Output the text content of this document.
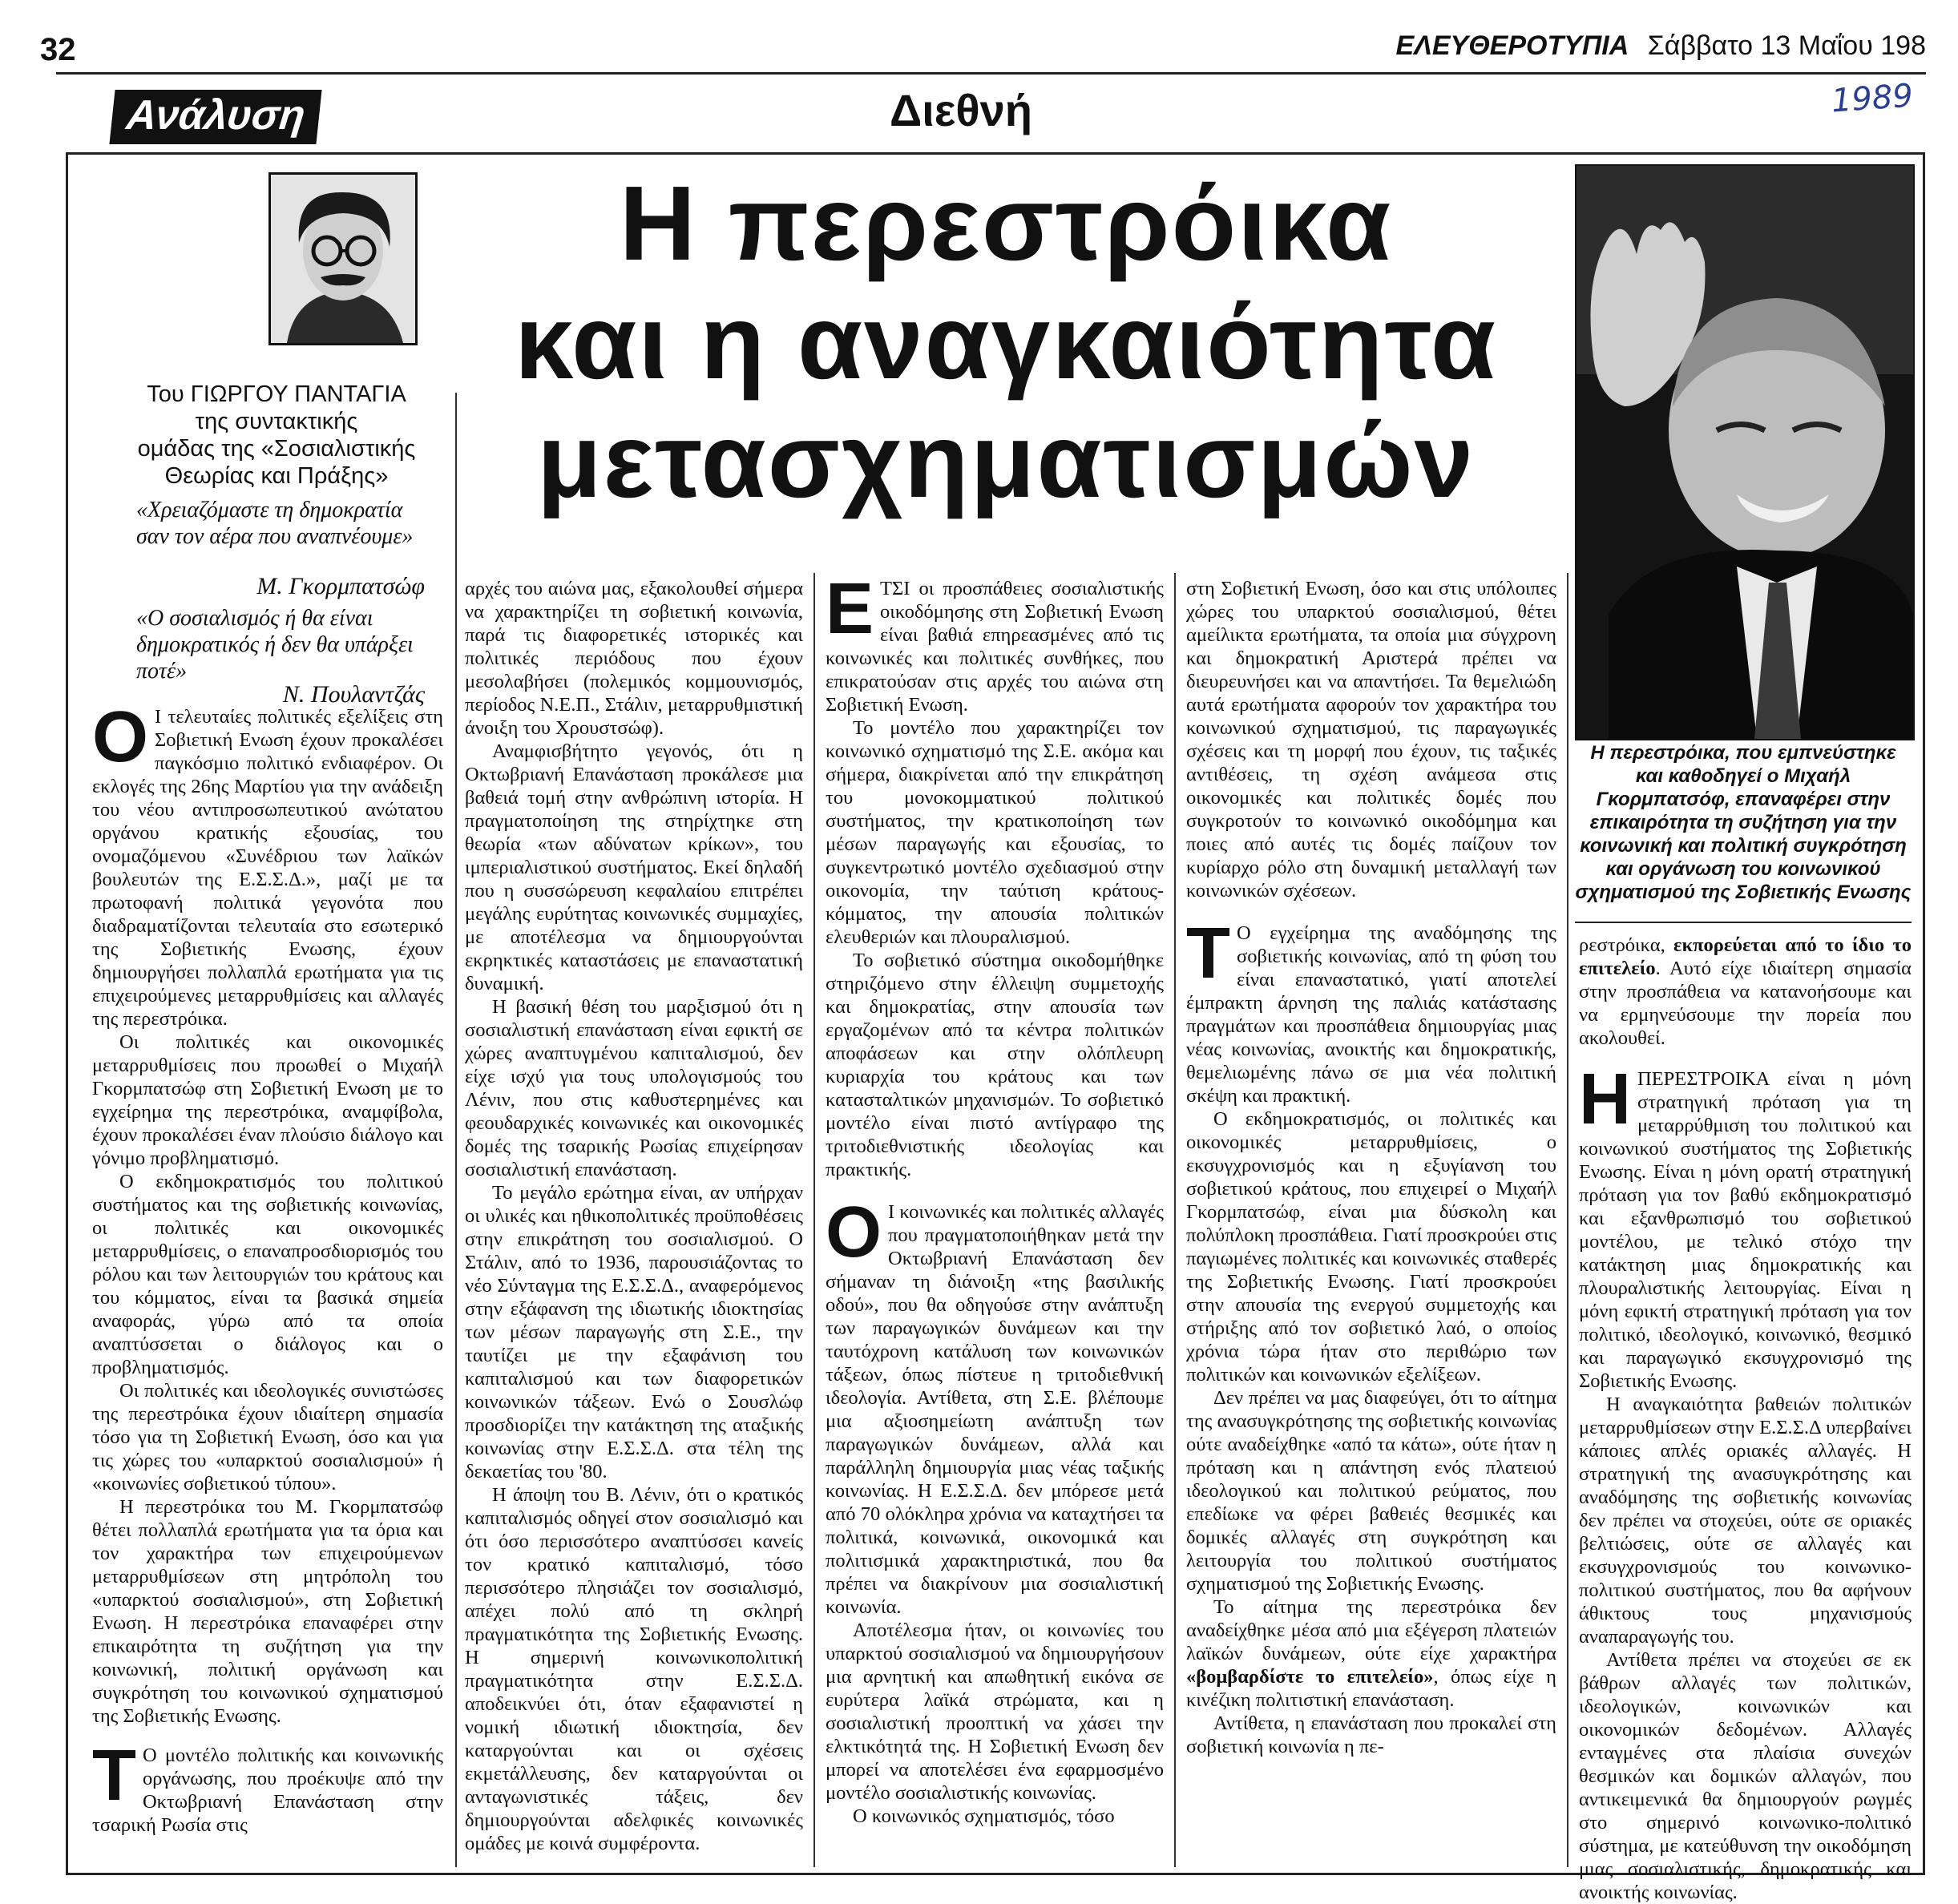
32	ΕΛΕΥΘΕΡΟΤΥΠΙΑ Σάββατο 13 Μαΐου 198
1989
Ανάλυση	Διεθνή
Του ΓΙΩΡΓΟΥ ΠΑΝΤΑΓΙΑ
της συντακτικής
ομάδας της «Σοσιαλιστικής
Θεωρίας και Πράξης»
«Χρειαζόμαστε τη δημοκρατία σαν τον αέρα που αναπνέουμε»
Μ. Γκορμπατσώφ
«Ο σοσιαλισμός ή θα είναι δημοκρατικός ή δεν θα υπάρξει ποτέ»
Ν. Πουλαντζάς
Η περεστρόικα
και η αναγκαιότητα
μετασχηματισμών

Ο Ι τελευταίες πολιτικές εξελίξεις στη Σοβιετική Ενωση έχουν προκαλέσει παγκόσμιο πολιτικό ενδιαφέρον. Οι εκλογές της 26ης Μαρτίου για την ανάδειξη του νέου αντιπροσωπευτικού ανώτατου οργάνου κρατικής εξουσίας, του ονομαζόμενου «Συνέδριου των λαϊκών βουλευτών της Ε.Σ.Σ.Δ.», μαζί με τα πρωτοφανή πολιτικά γεγονότα που διαδραματίζονται τελευταία στο εσωτερικό της Σοβιετικής Ενωσης, έχουν δημιουργήσει πολλαπλά ερωτήματα για τις επιχειρούμενες μεταρρυθμίσεις και αλλαγές της περεστρόικα.

Οι πολιτικές και οικονομικές μεταρρυθμίσεις που προωθεί ο Μιχαήλ Γκορμπατσώφ στη Σοβιετική Ενωση με το εγχείρημα της περεστρόικα, αναμφίβολα, έχουν προκαλέσει έναν πλούσιο διάλογο και γόνιμο προβληματισμό.

Ο εκδημοκρατισμός του πολιτικού συστήματος και της σοβιετικής κοινωνίας, οι πολιτικές και οικονομικές μεταρρυθμίσεις, ο επαναπροσδιορισμός του ρόλου και των λειτουργιών του κράτους και του κόμματος, είναι τα βασικά σημεία αναφοράς, γύρω από τα οποία αναπτύσσεται ο διάλογος και ο προβληματισμός.

Οι πολιτικές και ιδεολογικές συνιστώσες της περεστρόικα έχουν ιδιαίτερη σημασία τόσο για τη Σοβιετική Ενωση, όσο και για τις χώρες του «υπαρκτού σοσιαλισμού» ή «κοινωνίες σοβιετικού τύπου».

Η περεστρόικα του Μ. Γκορμπατσώφ θέτει πολλαπλά ερωτήματα για τα όρια και τον χαρακτήρα των επιχειρούμενων μεταρρυθμίσεων στη μητρόπολη του «υπαρκτού σοσιαλισμού», στη Σοβιετική Ενωση. Η περεστρόικα επαναφέρει στην επικαιρότητα τη συζήτηση για την κοινωνική, πολιτική οργάνωση και συγκρότηση του κοινωνικού σχηματισμού της Σοβιετικής Ενωσης.

Τ Ο μοντέλο πολιτικής και κοινωνικής οργάνωσης, που προέκυψε από την Οκτωβριανή Επανάσταση στην τσαρική Ρωσία στις

αρχές του αιώνα μας, εξακολουθεί σήμερα να χαρακτηρίζει τη σοβιετική κοινωνία, παρά τις διαφορετικές ιστορικές και πολιτικές περιόδους που έχουν μεσολαβήσει (πολεμικός κομμουνισμός, περίοδος Ν.Ε.Π., Στάλιν, μεταρρυθμιστική άνοιξη του Χρουστσώφ).

Αναμφισβήτητο γεγονός, ότι η Οκτωβριανή Επανάσταση προκάλεσε μια βαθειά τομή στην ανθρώπινη ιστορία. Η πραγματοποίηση της στηρίχτηκε στη θεωρία «των αδύνατων κρίκων», του ιμπεριαλιστικού συστήματος. Εκεί δηλαδή που η συσσώρευση κεφαλαίου επιτρέπει μεγάλης ευρύτητας κοινωνικές συμμαχίες, με αποτέλεσμα να δημιουργούνται εκρηκτικές καταστάσεις με επαναστατική δυναμική.

Η βασική θέση του μαρξισμού ότι η σοσιαλιστική επανάσταση είναι εφικτή σε χώρες αναπτυγμένου καπιταλισμού, δεν είχε ισχύ για τους υπολογισμούς του Λένιν, που στις καθυστερημένες και φεουδαρχικές κοινωνικές και οικονομικές δομές της τσαρικής Ρωσίας επιχείρησαν σοσιαλιστική επανάσταση.

Το μεγάλο ερώτημα είναι, αν υπήρχαν οι υλικές και ηθικοπολιτικές προϋποθέσεις στην επικράτηση του σοσιαλισμού. Ο Στάλιν, από το 1936, παρουσιάζοντας το νέο Σύνταγμα της Ε.Σ.Σ.Δ., αναφερόμενος στην εξάφανση της ιδιωτικής ιδιοκτησίας των μέσων παραγωγής στη Σ.Ε., την ταυτίζει με την εξαφάνιση του καπιταλισμού και των διαφορετικών κοινωνικών τάξεων. Ενώ ο Σουσλώφ προσδιορίζει την κατάκτηση της αταξικής κοινωνίας στην Ε.Σ.Σ.Δ. στα τέλη της δεκαετίας του '80.

Η άποψη του Β. Λένιν, ότι ο κρατικός καπιταλισμός οδηγεί στον σοσιαλισμό και ότι όσο περισσότερο αναπτύσσει κανείς τον κρατικό καπιταλισμό, τόσο περισσότερο πλησιάζει τον σοσιαλισμό, απέχει πολύ από τη σκληρή πραγματικότητα της Σοβιετικής Ενωσης. Η σημερινή κοινωνικοπολιτική πραγματικότητα στην Ε.Σ.Σ.Δ. αποδεικνύει ότι, όταν εξαφανιστεί η νομική ιδιωτική ιδιοκτησία, δεν καταργούνται και οι σχέσεις εκμετάλλευσης, δεν καταργούνται οι ανταγωνιστικές τάξεις, δεν δημιουργούνται αδελφικές κοινωνικές ομάδες με κοινά συμφέροντα.

ΕΤΣΙ οι προσπάθειες σοσιαλιστικής οικοδόμησης στη Σοβιετική Ενωση είναι βαθιά επηρεασμένες από τις κοινωνικές και πολιτικές συνθήκες, που επικρατούσαν στις αρχές του αιώνα στη Σοβιετική Ενωση.

Το μοντέλο που χαρακτηρίζει τον κοινωνικό σχηματισμό της Σ.Ε. ακόμα και σήμερα, διακρίνεται από την επικράτηση του μονοκομματικού πολιτικού συστήματος, την κρατικοποίηση των μέσων παραγωγής και εξουσίας, το συγκεντρωτικό μοντέλο σχεδιασμού στην οικονομία, την ταύτιση κράτους-κόμματος, την απουσία πολιτικών ελευθεριών και πλουραλισμού.

Το σοβιετικό σύστημα οικοδομήθηκε στηριζόμενο στην έλλειψη συμμετοχής και δημοκρατίας, στην απουσία των εργαζομένων από τα κέντρα πολιτικών αποφάσεων και στην ολόπλευρη κυριαρχία του κράτους και των κατασταλτικών μηχανισμών. Το σοβιετικό μοντέλο είναι πιστό αντίγραφο της τριτοδιεθνιστικής ιδεολογίας και πρακτικής.

Ο Ι κοινωνικές και πολιτικές αλλαγές που πραγματοποιήθηκαν μετά την Οκτωβριανή Επανάσταση δεν σήμαναν τη διάνοιξη «της βασιλικής οδού», που θα οδηγούσε στην ανάπτυξη των παραγωγικών δυνάμεων και την ταυτόχρονη κατάλυση των κοινωνικών τάξεων, όπως πίστευε η τριτοδιεθνική ιδεολογία. Αντίθετα, στη Σ.Ε. βλέπουμε μια αξιοσημείωτη ανάπτυξη των παραγωγικών δυνάμεων, αλλά και παράλληλη δημιουργία μιας νέας ταξικής κοινωνίας. Η Ε.Σ.Σ.Δ. δεν μπόρεσε μετά από 70 ολόκληρα χρόνια να καταχτήσει τα πολιτικά, κοινωνικά, οικονομικά και πολιτισμικά χαρακτηριστικά, που θα πρέπει να διακρίνουν μια σοσιαλιστική κοινωνία.

Αποτέλεσμα ήταν, οι κοινωνίες του υπαρκτού σοσιαλισμού να δημιουργήσουν μια αρνητική και απωθητική εικόνα σε ευρύτερα λαϊκά στρώματα, και η σοσιαλιστική προοπτική να χάσει την ελκτικότητά της. Η Σοβιετική Ενωση δεν μπορεί να αποτελέσει ένα εφαρμοσμένο μοντέλο σοσιαλιστικής κοινωνίας.

Ο κοινωνικός σχηματισμός, τόσο

στη Σοβιετική Ενωση, όσο και στις υπόλοιπες χώρες του υπαρκτού σοσιαλισμού, θέτει αμείλικτα ερωτήματα, τα οποία μια σύγχρονη και δημοκρατική Αριστερά πρέπει να διευρευνήσει και να απαντήσει. Τα θεμελιώδη αυτά ερωτήματα αφορούν τον χαρακτήρα του κοινωνικού σχηματισμού, τις παραγωγικές σχέσεις και τη μορφή που έχουν, τις ταξικές αντιθέσεις, τη σχέση ανάμεσα στις οικονομικές και πολιτικές δομές που συγκροτούν το κοινωνικό οικοδόμημα και ποιες από αυτές τις δομές παίζουν τον κυρίαρχο ρόλο στη δυναμική μεταλλαγή των κοινωνικών σχέσεων.

Τ Ο εγχείρημα της αναδόμησης της σοβιετικής κοινωνίας, από τη φύση του είναι επαναστατικό, γιατί αποτελεί έμπρακτη άρνηση της παλιάς κατάστασης πραγμάτων και προσπάθεια δημιουργίας μιας νέας κοινωνίας, ανοικτής και δημοκρατικής, θεμελιωμένης πάνω σε μια νέα πολιτική σκέψη και πρακτική.

Ο εκδημοκρατισμός, οι πολιτικές και οικονομικές μεταρρυθμίσεις, ο εκσυγχρονισμός και η εξυγίανση του σοβιετικού κράτους, που επιχειρεί ο Μιχαήλ Γκορμπατσώφ, είναι μια δύσκολη και πολύπλοκη προσπάθεια. Γιατί προσκρούει στις παγιωμένες πολιτικές και κοινωνικές σταθερές της Σοβιετικής Ενωσης. Γιατί προσκρούει στην απουσία της ενεργού συμμετοχής και στήριξης από τον σοβιετικό λαό, ο οποίος χρόνια τώρα ήταν στο περιθώριο των πολιτικών και κοινωνικών εξελίξεων.

Δεν πρέπει να μας διαφεύγει, ότι το αίτημα της ανασυγκρότησης της σοβιετικής κοινωνίας ούτε αναδείχθηκε «από τα κάτω», ούτε ήταν η πρόταση και η απάντηση ενός πλατειού ιδεολογικού και πολιτικού ρεύματος, που επεδίωκε να φέρει βαθειές θεσμικές και δομικές αλλαγές στη συγκρότηση και λειτουργία του πολιτικού συστήματος σχηματισμού της Σοβιετικής Ενωσης.

Το αίτημα της περεστρόικα δεν αναδείχθηκε μέσα από μια εξέγερση πλατειών λαϊκών δυνάμεων, ούτε είχε χαρακτήρα «βομβαρδίστε το επιτελείο», όπως είχε η κινέζικη πολιτιστική επανάσταση.

Αντίθετα, η επανάσταση που προκαλεί στη σοβιετική κοινωνία η πε-

Η περεστρόικα, που εμπνεύστηκε και καθοδηγεί ο Μιχαήλ Γκορμπατσόφ, επαναφέρει στην επικαιρότητα τη συζήτηση για την κοινωνική και πολιτική συγκρότηση και οργάνωση του κοινωνικού σχηματισμού της Σοβιετικής Ενωσης

ρεστρόικα, εκπορεύεται από το ίδιο το επιτελείο. Αυτό είχε ιδιαίτερη σημασία στην προσπάθεια να κατανοήσουμε και να ερμηνεύσουμε την πορεία που ακολουθεί.

ΗΠΕΡΕΣΤΡΟΙΚΑ είναι η μόνη στρατηγική πρόταση για τη μεταρρύθμιση του πολιτικού και κοινωνικού συστήματος της Σοβιετικής Ενωσης. Είναι η μόνη ορατή στρατηγική πρόταση για τον βαθύ εκδημοκρατισμό και εξανθρωπισμό του σοβιετικού μοντέλου, με τελικό στόχο την κατάκτηση μιας δημοκρατικής και πλουραλιστικής λειτουργίας. Είναι η μόνη εφικτή στρατηγική πρόταση για τον πολιτικό, ιδεολογικό, κοινωνικό, θεσμικό και παραγωγικό εκσυγχρονισμό της Σοβιετικής Ενωσης.

Η αναγκαιότητα βαθειών πολιτικών μεταρρυθμίσεων στην Ε.Σ.Σ.Δ υπερβαίνει κάποιες απλές οριακές αλλαγές. Η στρατηγική της ανασυγκρότησης και αναδόμησης της σοβιετικής κοινωνίας δεν πρέπει να στοχεύει, ούτε σε οριακές βελτιώσεις, ούτε σε αλλαγές και εκσυγχρονισμούς του κοινωνικο-πολιτικού συστήματος, που θα αφήνουν άθικτους τους μηχανισμούς αναπαραγωγής του.

Αντίθετα πρέπει να στοχεύει σε εκ βάθρων αλλαγές των πολιτικών, ιδεολογικών, κοινωνικών και οικονομικών δεδομένων. Αλλαγές ενταγμένες στα πλαίσια συνεχών θεσμικών και δομικών αλλαγών, που αντικειμενικά θα δημιουργούν ρωγμές στο σημερινό κοινωνικο-πολιτικό σύστημα, με κατεύθυνση την οικοδόμηση μιας σοσιαλιστικής, δημοκρατικής και ανοικτής κοινωνίας.
